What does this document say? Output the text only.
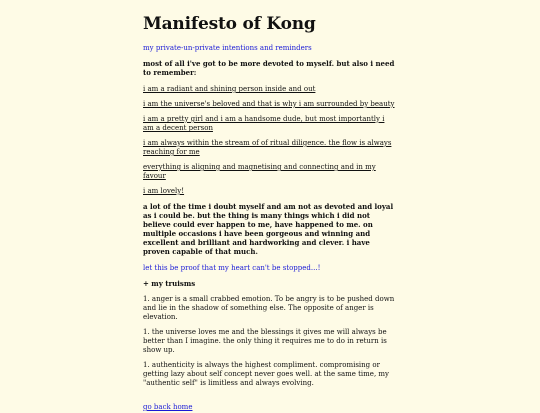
Manifesto of Kong

my private-un-private intentions and reminders

most of all i've got to be more devoted to myself. but also i need to remember:

i am a radiant and shining person inside and out

i am the universe's beloved and that is why i am surrounded by beauty

i am a pretty girl and i am a handsome dude, but most importantly i am a decent person

i am always within the stream of of ritual diligence. the flow is always reaching for me

everything is aligning and magnetising and connecting and in my favour

i am lovely!

a lot of the time i doubt myself and am not as devoted and loyal as i could be. but the thing is many things which i did not believe could ever happen to me, have happened to me. on multiple occasions i have been gorgeous and winning and excellent and brilliant and hardworking and clever. i have proven capable of that much.

let this be proof that my heart can't be stopped...!

+ my truisms

1. anger is a small crabbed emotion. To be angry is to be pushed down and lie in the shadow of something else. The opposite of anger is elevation.

1. the universe loves me and the blessings it gives me will always be better than I imagine. the only thing it requires me to do in return is show up.

1. authenticity is always the highest compliment. compromising or getting lazy about self concept never goes well. at the same time, my "authentic self" is limitless and always evolving.

go back home
